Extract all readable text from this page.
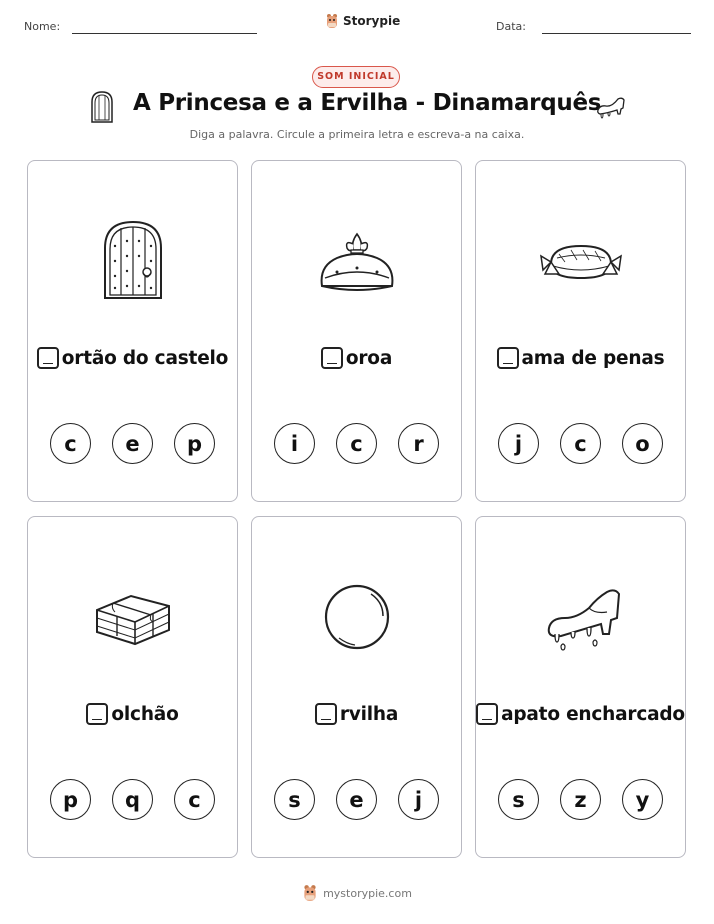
Nome:	Storypie	Data:
SOM INICIAL
A Princesa e a Ervilha - Dinamarquês
Diga a palavra. Circule a primeira letra e escreva-a na caixa.
ortão do castelo
c	e	p
oroa
i	c	r
ama de penas
j	c	o
olchão
p	q	c
rvilha
s	e	j
apato encharcado
s	z	y
mystorypie.com
